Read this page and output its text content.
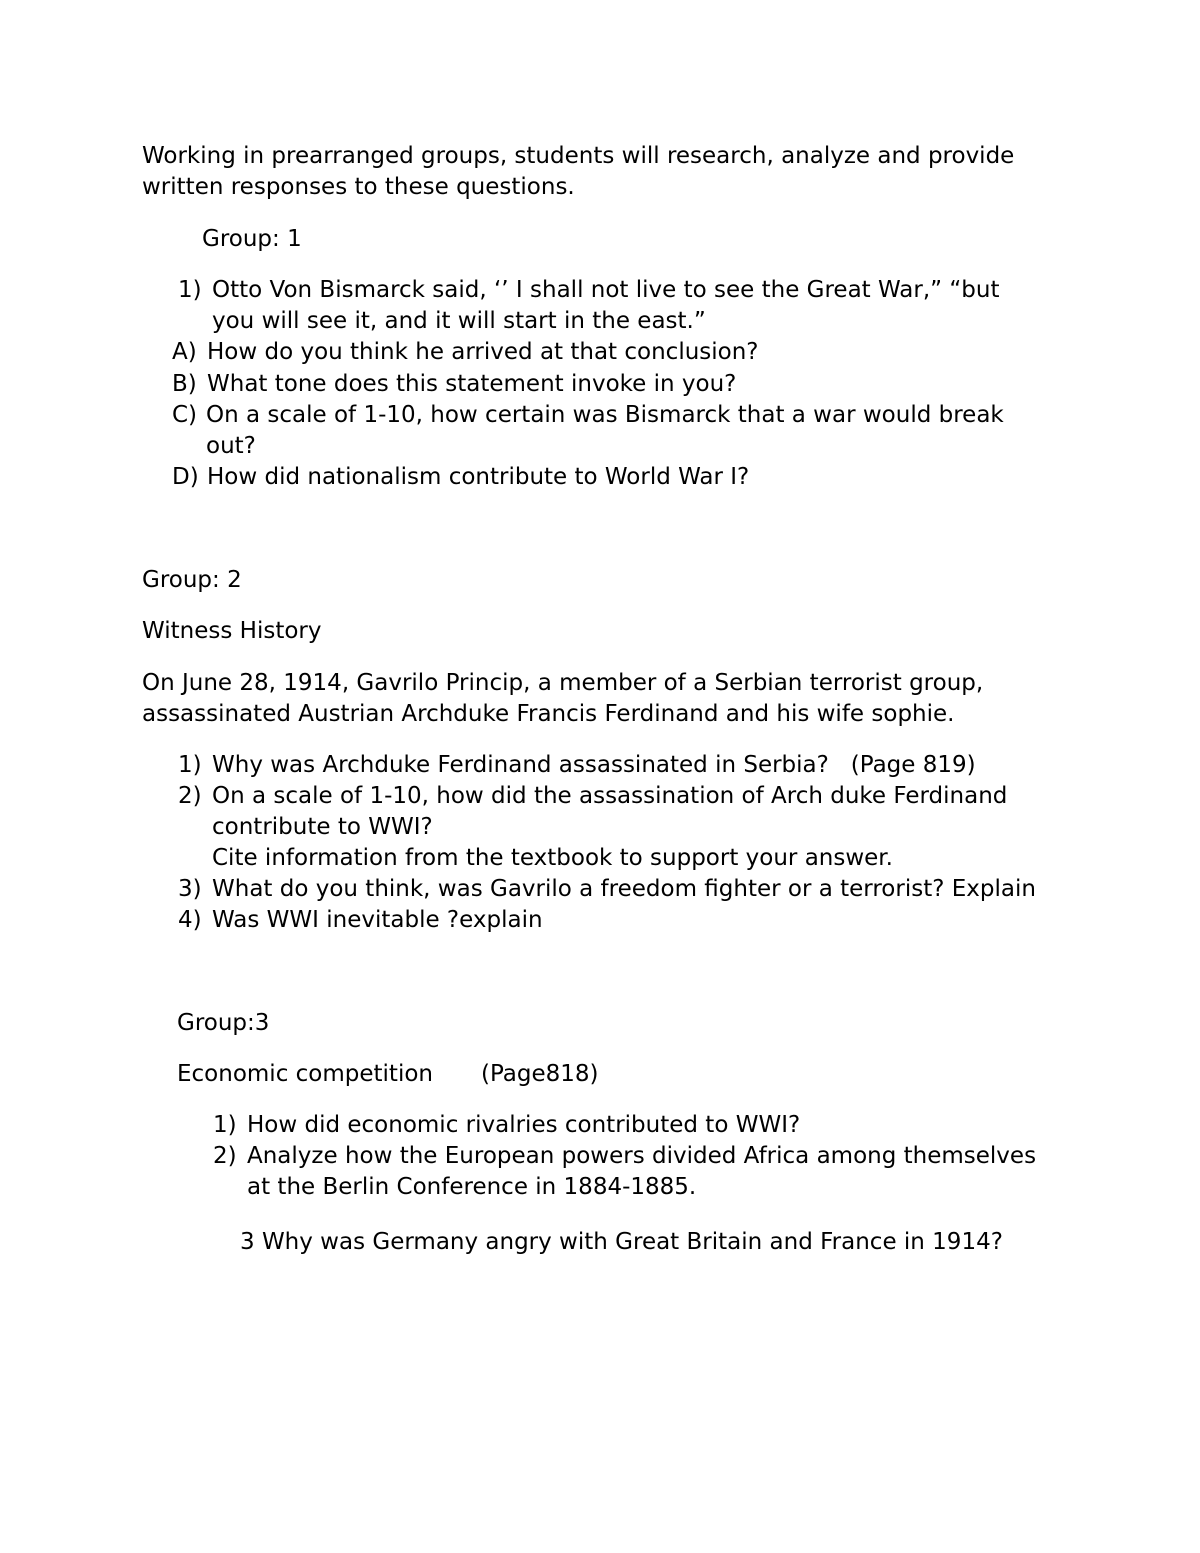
Working in prearranged groups, students will research, analyze and provide
written responses to these questions.
Group: 1
1) Otto Von Bismarck said, ‘’ I shall not live to see the Great War,” “but
you will see it, and it will start in the east.”
A) How do you think he arrived at that conclusion?
B) What tone does this statement invoke in you?
C) On a scale of 1-10, how certain was Bismarck that a war would break
out?
D) How did nationalism contribute to World War I?
Group: 2
Witness History
On June 28, 1914, Gavrilo Princip, a member of a Serbian terrorist group,
assassinated Austrian Archduke Francis Ferdinand and his wife sophie.
1) Why was Archduke Ferdinand assassinated in Serbia?   (Page 819)
2) On a scale of 1-10, how did the assassination of Arch duke Ferdinand
contribute to WWI?
Cite information from the textbook to support your answer.
3) What do you think, was Gavrilo a freedom fighter or a terrorist? Explain
4) Was WWI inevitable ?explain
Group:3
Economic competition (Page818)
1) How did economic rivalries contributed to WWI?
2) Analyze how the European powers divided Africa among themselves
at the Berlin Conference in 1884-1885.
3 Why was Germany angry with Great Britain and France in 1914?
